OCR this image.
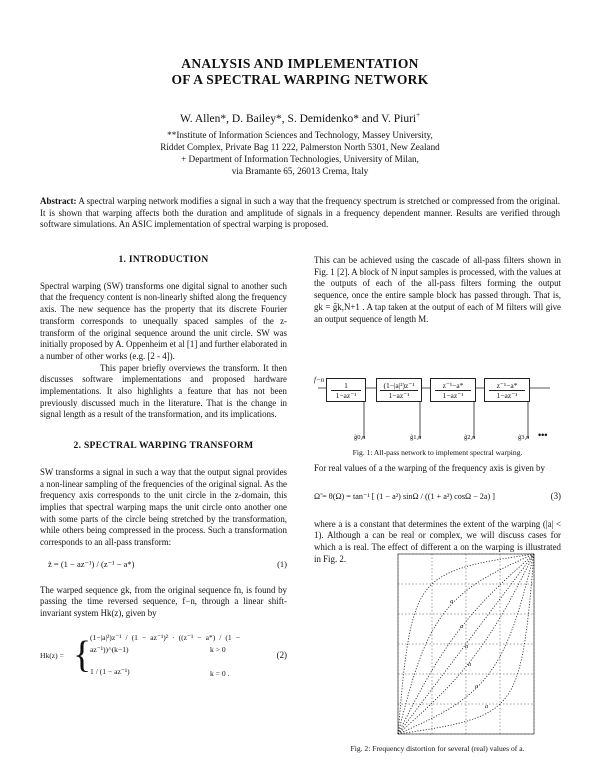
ANALYSIS AND IMPLEMENTATION
OF A SPECTRAL WARPING NETWORK
W. Allen*, D. Bailey*, S. Demidenko* and V. Piuri+
**Institute of Information Sciences and Technology, Massey University,
Riddet Complex, Private Bag 11 222, Palmerston North 5301, New Zealand
+ Department of Information Technologies, University of Milan,
via Bramante 65, 26013 Crema, Italy
Abstract: A spectral warping network modifies a signal in such a way that the frequency spectrum is stretched or compressed from the original. It is shown that warping affects both the duration and amplitude of signals in a frequency dependent manner. Results are verified through software simulations. An ASIC implementation of spectral warping is proposed.
1. INTRODUCTION

Spectral warping (SW) transforms one digital signal to another such that the frequency content is non-linearly shifted along the frequency axis. The new sequence has the property that its discrete Fourier transform corresponds to unequally spaced samples of the z-transform of the original sequence around the unit circle. SW was initially proposed by A. Oppenheim et al [1] and further elaborated in a number of other works (e.g. [2 - 4]).

This paper briefly overviews the transform. It then discusses software implementations and proposed hardware implementations. It also highlights a feature that has not been previously discussed much in the literature. That is the change in signal length as a result of the transformation, and its implications.

2. SPECTRAL WARPING TRANSFORM

SW transforms a signal in such a way that the output signal provides a non-linear sampling of the frequencies of the original signal. As the frequency axis corresponds to the unit circle in the z-domain, this implies that spectral warping maps the unit circle onto another one with some parts of the circle being stretched by the transformation, while others being compressed in the process. Such a transformation corresponds to an all-pass transform:

z̃ = (1 − az⁻¹) / (z⁻¹ − a*)	(1)

The warped sequence gk, from the original sequence fn, is found by passing the time reversed sequence, f−n, through a linear shift-invariant system Hk(z), given by

Hk(z) = {
(1−|a|²)z⁻¹ / (1 − az⁻¹)² · ((z⁻¹ − a*) / (1 − az⁻¹))^(k−1)	k > 0
1 / (1 − az⁻¹)	k = 0 .
(2)

This can be achieved using the cascade of all-pass filters shown in Fig. 1 [2]. A block of N input samples is processed, with the values at the outputs of each of the all-pass filters forming the output sequence, once the entire sample block has passed through. That is, gk = g̃k,N+1 . A tap taken at the output of each of M filters will give an output sequence of length M.

$f-n \frac{1}{\text{1−az⁻¹}} \frac{\text{(1−|a|²)z⁻¹}}{\text{1−az⁻¹}} \frac{\text{z⁻¹−a*}}{\text{1−az⁻¹}} \frac{\text{z⁻¹−a*}}{\text{1−az⁻¹}}$
g̃0,n	g̃1,n	g̃2,n	g̃3,n •••
Fig. 1: All-pass network to implement spectral warping.

For real values of a the warping of the frequency axis is given by

Ω̃ = θ(Ω) = tan⁻¹ [ (1 − a²) sinΩ / ((1 + a²) cosΩ − 2a) ]	(3)

where a is a constant that determines the extent of the warping (|a| < 1). Although a can be real or complex, we will discuss cases for which a is real. The effect of different a on the warping is illustrated in Fig. 2.

a
a
a
a
a
a
Fig. 2: Frequency distortion for several (real) values of a.
